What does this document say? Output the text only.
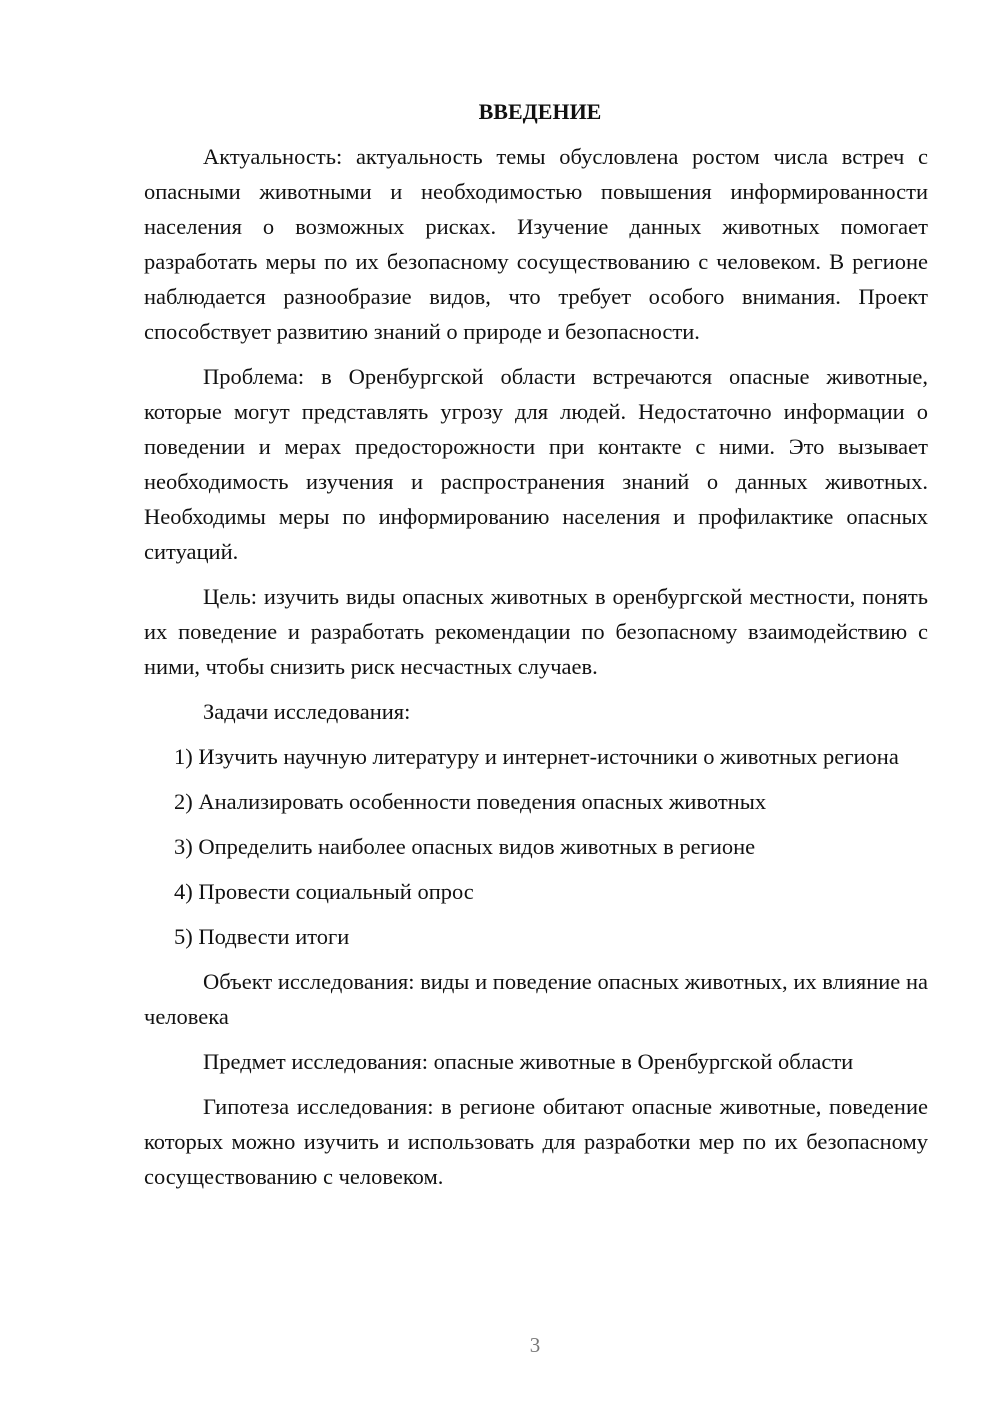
ВВЕДЕНИЕ

Актуальность: актуальность темы обусловлена ростом числа встреч с опасными животными и необходимостью повышения информированности населения о возможных рисках. Изучение данных животных помогает разработать меры по их безопасному сосуществованию с человеком. В регионе наблюдается разнообразие видов, что требует особого внимания. Проект способствует развитию знаний о природе и безопасности.

Проблема: в Оренбургской области встречаются опасные животные, которые могут представлять угрозу для людей. Недостаточно информации о поведении и мерах предосторожности при контакте с ними. Это вызывает необходимость изучения и распространения знаний о данных животных. Необходимы меры по информированию населения и профилактике опасных ситуаций.

Цель: изучить виды опасных животных в оренбургской местности, понять их поведение и разработать рекомендации по безопасному взаимодействию с ними, чтобы снизить риск несчастных случаев.

Задачи исследования:

1) Изучить научную литературу и интернет-источники о животных региона

2) Анализировать особенности поведения опасных животных

3) Определить наиболее опасных видов животных в регионе

4) Провести социальный опрос

5) Подвести итоги

Объект исследования: виды и поведение опасных животных, их влияние на человека

Предмет исследования: опасные животные в Оренбургской области

Гипотеза исследования: в регионе обитают опасные животные, поведение которых можно изучить и использовать для разработки мер по их безопасному сосуществованию с человеком.

3
